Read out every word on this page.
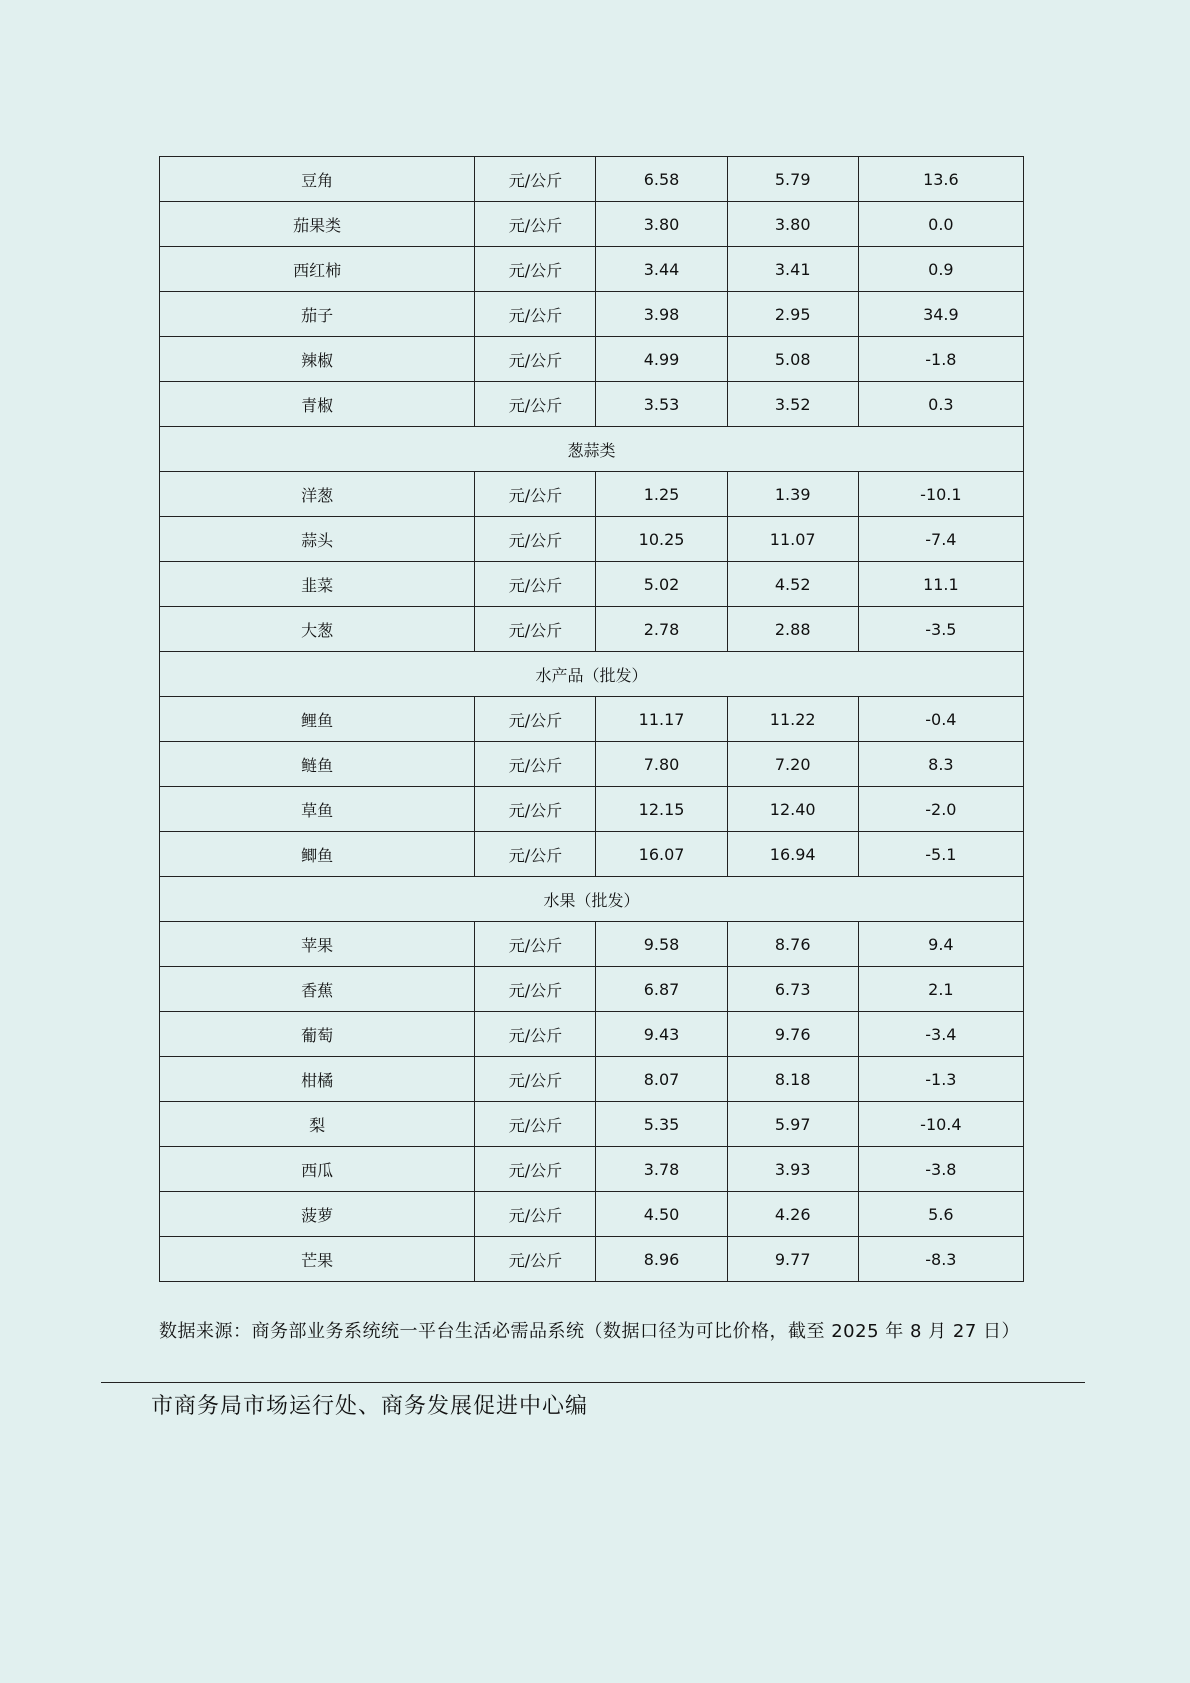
豆角	元/公斤	6.58	5.79	13.6
茄果类	元/公斤	3.80	3.80	0.0
西红柿	元/公斤	3.44	3.41	0.9
茄子	元/公斤	3.98	2.95	34.9
辣椒	元/公斤	4.99	5.08	-1.8
青椒	元/公斤	3.53	3.52	0.3
葱蒜类				
洋葱	元/公斤	1.25	1.39	-10.1
蒜头	元/公斤	10.25	11.07	-7.4
韭菜	元/公斤	5.02	4.52	11.1
大葱	元/公斤	2.78	2.88	-3.5
水产品（批发）				
鲤鱼	元/公斤	11.17	11.22	-0.4
鲢鱼	元/公斤	7.80	7.20	8.3
草鱼	元/公斤	12.15	12.40	-2.0
鲫鱼	元/公斤	16.07	16.94	-5.1
水果（批发）				
苹果	元/公斤	9.58	8.76	9.4
香蕉	元/公斤	6.87	6.73	2.1
葡萄	元/公斤	9.43	9.76	-3.4
柑橘	元/公斤	8.07	8.18	-1.3
梨	元/公斤	5.35	5.97	-10.4
西瓜	元/公斤	3.78	3.93	-3.8
菠萝	元/公斤	4.50	4.26	5.6
芒果	元/公斤	8.96	9.77	-8.3
数据来源：商务部业务系统统一平台生活必需品系统（数据口径为可比价格，截至 2025 年 8 月 27 日）
市商务局市场运行处、商务发展促进中心编
